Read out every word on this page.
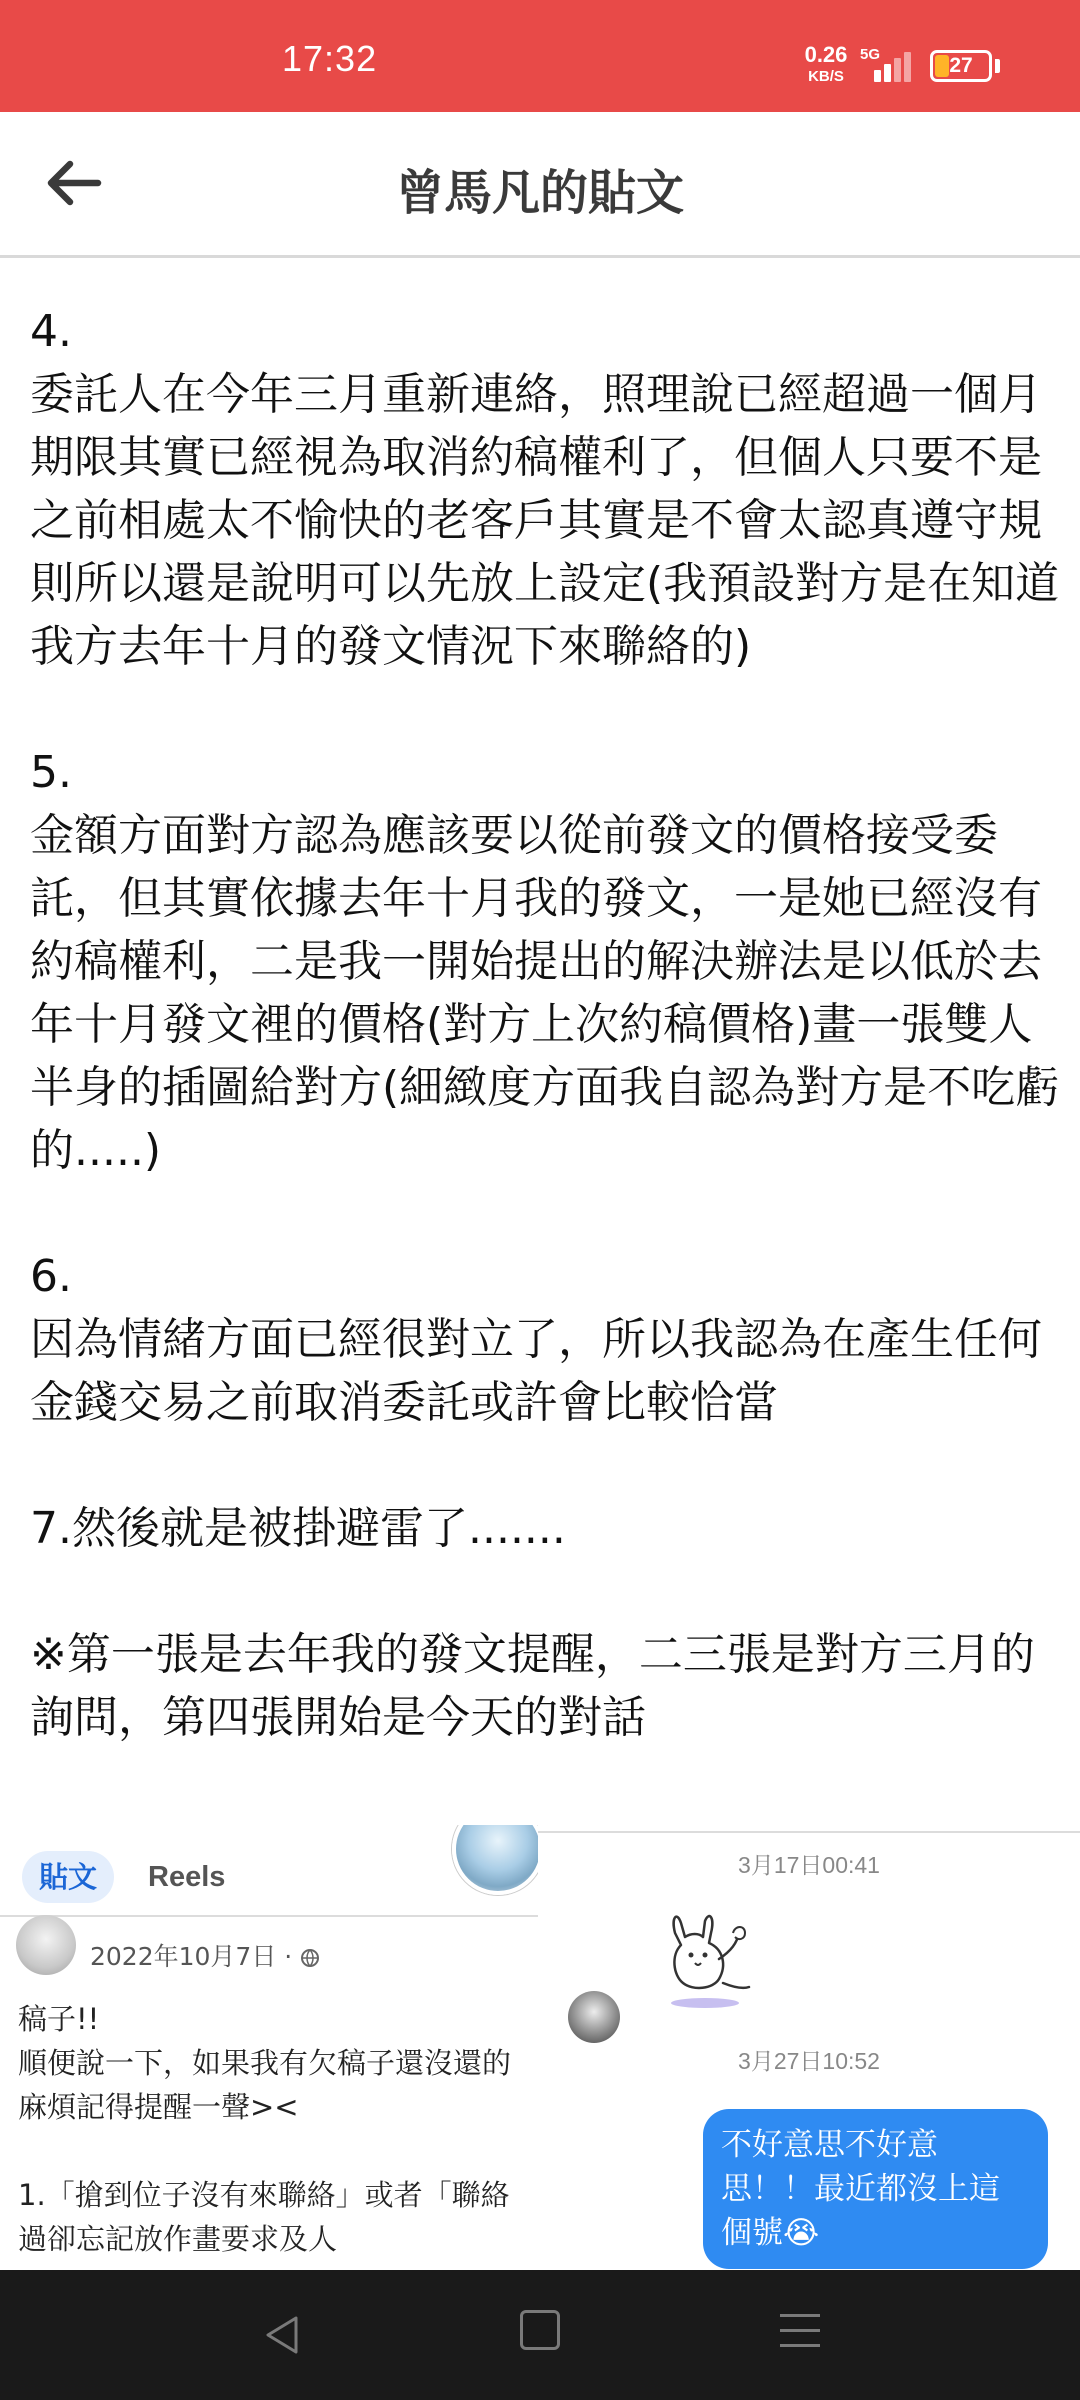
17:32	0.26
KB/S
5G	27
曾馬凡的貼文
4.
委託人在今年三月重新連絡，照理說已經超過一個月期限其實已經視為取消約稿權利了，但個人只要不是之前相處太不愉快的老客戶其實是不會太認真遵守規則所以還是說明可以先放上設定(我預設對方是在知道我方去年十月的發文情況下來聯絡的)

5.
金額方面對方認為應該要以從前發文的價格接受委託，但其實依據去年十月我的發文，一是她已經沒有約稿權利，二是我一開始提出的解決辦法是以低於去年十月發文裡的價格(對方上次約稿價格)畫一張雙人半身的插圖給對方(細緻度方面我自認為對方是不吃虧的.....)

6.
因為情緒方面已經很對立了，所以我認為在產生任何金錢交易之前取消委託或許會比較恰當

7.然後就是被掛避雷了.......

※第一張是去年我的發文提醒，二三張是對方三月的詢問，第四張開始是今天的對話
貼文	Reels
2022年10月7日 ·
稿子!!
順便說一下，如果我有欠稿子還沒還的麻煩記得提醒一聲><

1.「搶到位子沒有來聯絡」或者「聯絡過卻忘記放作畫要求及人
3月17日00:41
3月27日10:52
不好意思不好意思！！最近都沒上這個號😭
